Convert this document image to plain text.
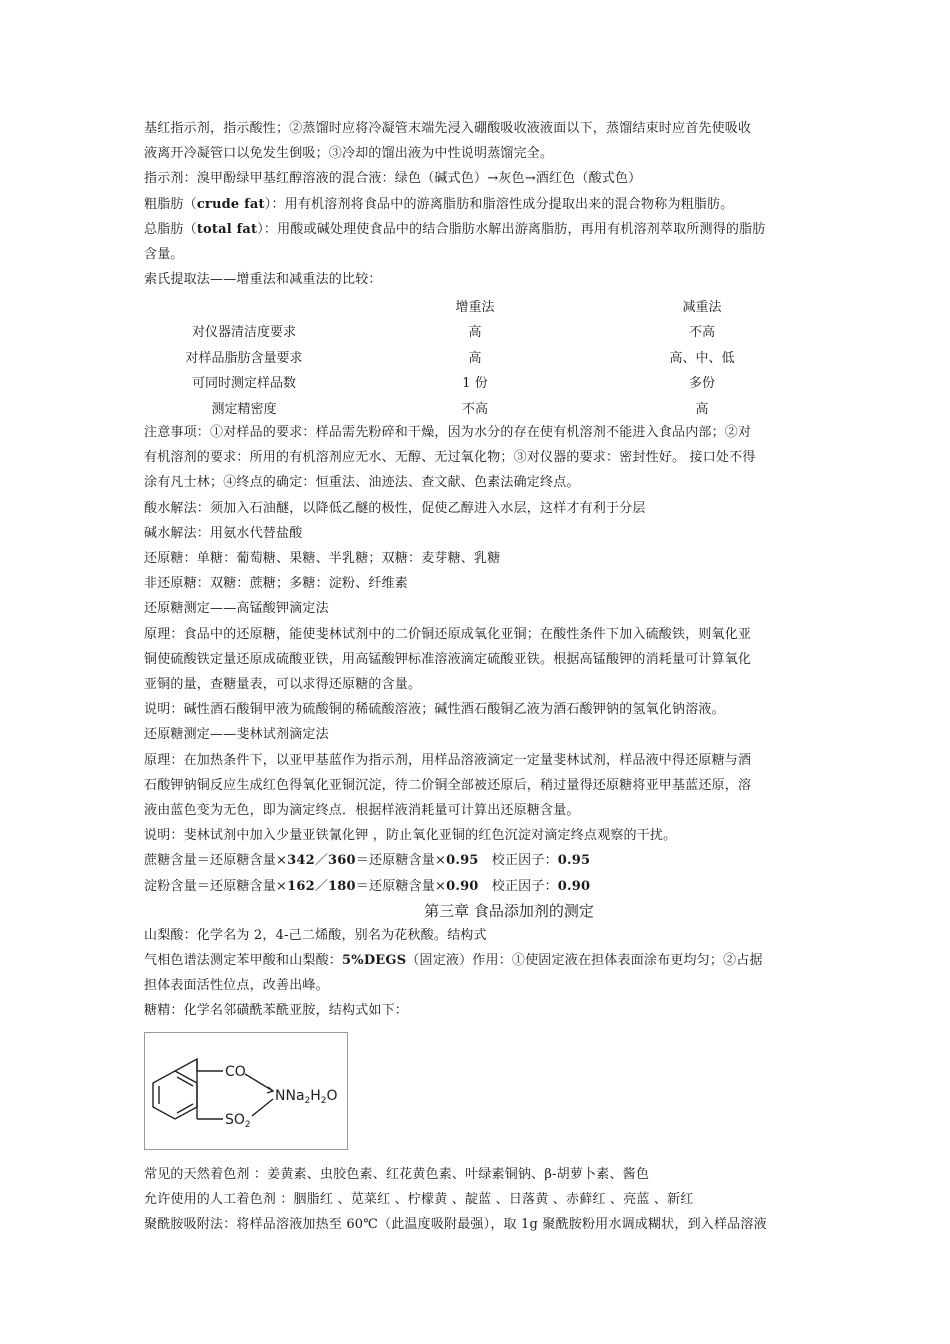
基红指示剂，指示酸性；②蒸馏时应将冷凝管末端先浸入硼酸吸收液液面以下，蒸馏结束时应首先使吸收
液离开冷凝管口以免发生倒吸；③冷却的馏出液为中性说明蒸馏完全。
指示剂：溴甲酚绿甲基红醇溶液的混合液：绿色（碱式色）→灰色→酒红色（酸式色）
粗脂肪（crude fat）：用有机溶剂将食品中的游离脂肪和脂溶性成分提取出来的混合物称为粗脂肪。
总脂肪（total fat）：用酸或碱处理使食品中的结合脂肪水解出游离脂肪，再用有机溶剂萃取所测得的脂肪
含量。
索氏提取法——增重法和减重法的比较：
	增重法	减重法
对仪器清洁度要求	高	不高
对样品脂肪含量要求	高	高、中、低
可同时测定样品数	1 份	多份
测定精密度	不高	高
注意事项：①对样品的要求：样品需先粉碎和干燥，因为水分的存在使有机溶剂不能进入食品内部；②对
有机溶剂的要求：所用的有机溶剂应无水、无醇、无过氧化物；③对仪器的要求：密封性好。 接口处不得
涂有凡士林；④终点的确定：恒重法、油迹法、查文献、色素法确定终点。
酸水解法：须加入石油醚，以降低乙醚的极性，促使乙醇进入水层，这样才有利于分层
碱水解法：用氨水代替盐酸
还原糖：单糖：葡萄糖、果糖、半乳糖；双糖：麦芽糖、乳糖
非还原糖：双糖：蔗糖；多糖：淀粉、纤维素
还原糖测定——高锰酸钾滴定法
原理：食品中的还原糖，能使斐林试剂中的二价铜还原成氧化亚铜；在酸性条件下加入硫酸铁，则氧化亚
铜使硫酸铁定量还原成硫酸亚铁，用高锰酸钾标准溶液滴定硫酸亚铁。根据高锰酸钾的消耗量可计算氧化
亚铜的量，查糖量表，可以求得还原糖的含量。
说明：碱性酒石酸铜甲液为硫酸铜的稀硫酸溶液；碱性酒石酸铜乙液为酒石酸钾钠的氢氧化钠溶液。
还原糖测定——斐林试剂滴定法
原理：在加热条件下，以亚甲基蓝作为指示剂，用样品溶液滴定一定量斐林试剂，样品液中得还原糖与酒
石酸钾钠铜反应生成红色得氧化亚铜沉淀，待二价铜全部被还原后，稍过量得还原糖将亚甲基蓝还原，溶
液由蓝色变为无色，即为滴定终点．根据样液消耗量可计算出还原糖含量。
说明：斐林试剂中加入少量亚铁氰化钾 ，防止氧化亚铜的红色沉淀对滴定终点观察的干扰。
蔗糖含量＝还原糖含量×342／360＝还原糖含量×0.95　校正因子：0.95
淀粉含量＝还原糖含量×162／180＝还原糖含量×0.90　校正因子：0.90
第三章 食品添加剂的测定
山梨酸：化学名为 2，4-己二烯酸，别名为花秋酸。结构式
气相色谱法测定苯甲酸和山梨酸：5%DEGS（固定液）作用：①使固定液在担体表面涂布更均匀；②占据
担体表面活性位点，改善出峰。
糖精：化学名邻磺酰苯酰亚胺，结构式如下：
CO
$SO_2$
$NNa_2H_2O$
常见的天然着色剂 ：姜黄素、虫胶色素、红花黄色素、叶绿素铜钠、β-胡萝卜素、酱色
允许使用的人工着色剂 ：胭脂红 、苋菜红 、柠檬黄 、靛蓝 、日落黄 、赤藓红 、亮蓝 、新红
聚酰胺吸附法：将样品溶液加热至 60℃（此温度吸附最强），取 1g 聚酰胺粉用水调成糊状，到入样品溶液
